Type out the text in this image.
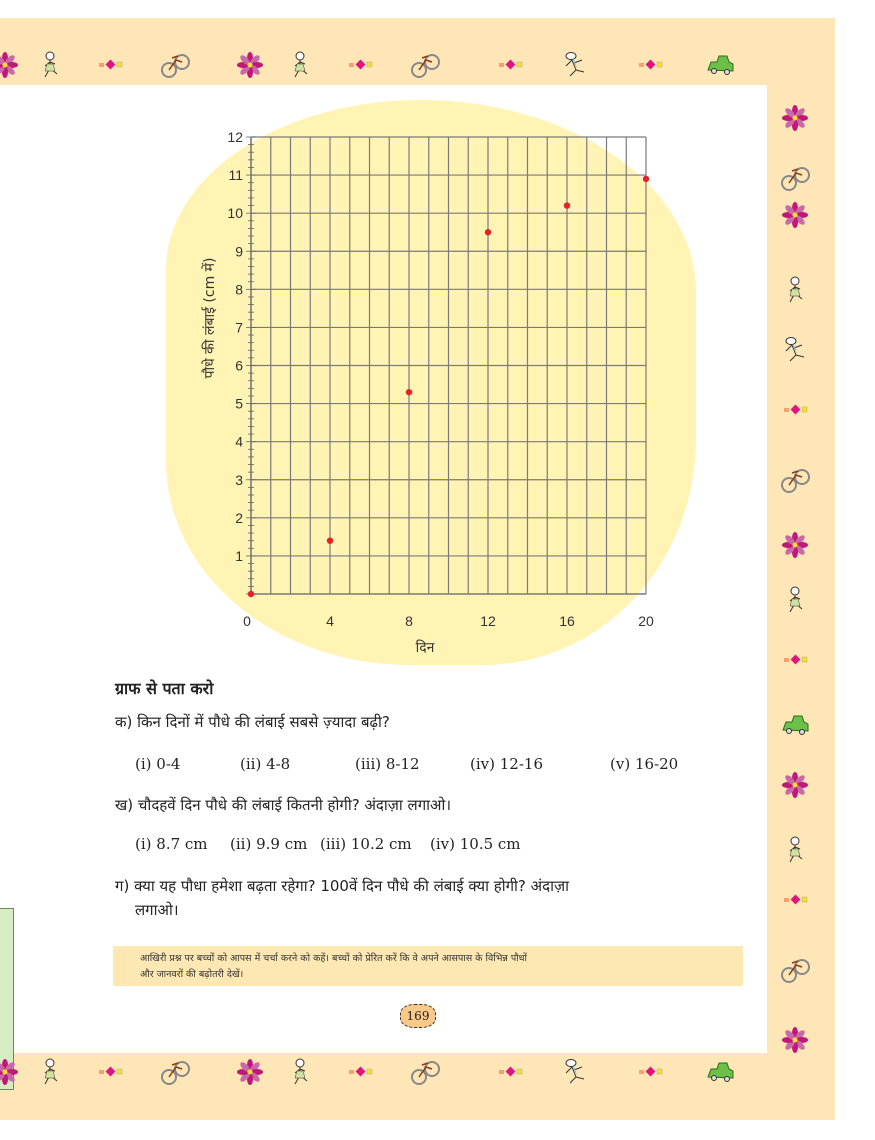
1
2
3
4
5
6
7
8
9
10
11
12
0	4	8	12	16	20
दिन
पौधे की लंबाई (cm में)
ग्राफ से पता करो
क) किन दिनों में पौधे की लंबाई सबसे ज़्यादा बढ़ी?
(i) 0-4	(ii) 4-8	(iii) 8-12	(iv) 12-16	(v) 16-20
ख) चौदहवें दिन पौधे की लंबाई कितनी होगी? अंदाज़ा लगाओ।
(i) 8.7 cm (ii) 9.9 cm (iii) 10.2 cm (iv) 10.5 cm
ग) क्या यह पौधा हमेशा बढ़ता रहेगा? 100वें दिन पौधे की लंबाई क्या होगी? अंदाज़ा
लगाओ।
आखिरी प्रश्न पर बच्चों को आपस में चर्चा करने को कहें। बच्चों को प्रेरित करें कि वे अपने आसपास के विभिन्न पौधों
और जानवरों की बढ़ोतरी देखें।
169
